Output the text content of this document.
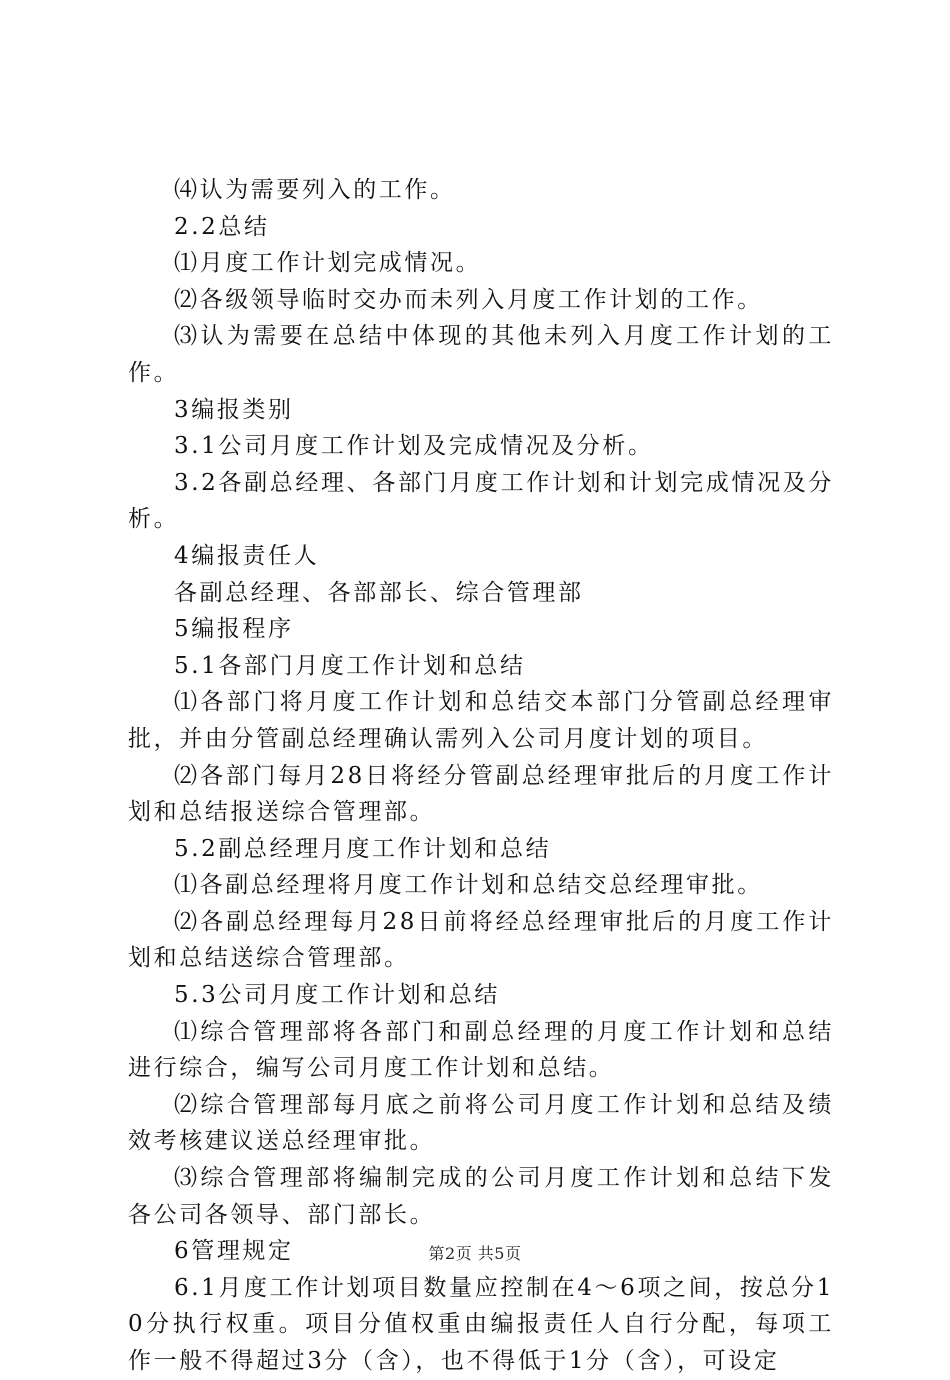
⑷认为需要列入的工作。

2.2总结

⑴月度工作计划完成情况。

⑵各级领导临时交办而未列入月度工作计划的工作。

⑶认为需要在总结中体现的其他未列入月度工作计划的工作。

3编报类别

3.1公司月度工作计划及完成情况及分析。

3.2各副总经理、各部门月度工作计划和计划完成情况及分析。

4编报责任人

各副总经理、各部部长、综合管理部

5编报程序

5.1各部门月度工作计划和总结

⑴各部门将月度工作计划和总结交本部门分管副总经理审批，并由分管副总经理确认需列入公司月度计划的项目。

⑵各部门每月28日将经分管副总经理审批后的月度工作计划和总结报送综合管理部。

5.2副总经理月度工作计划和总结

⑴各副总经理将月度工作计划和总结交总经理审批。

⑵各副总经理每月28日前将经总经理审批后的月度工作计划和总结送综合管理部。

5.3公司月度工作计划和总结

⑴综合管理部将各部门和副总经理的月度工作计划和总结进行综合，编写公司月度工作计划和总结。

⑵综合管理部每月底之前将公司月度工作计划和总结及绩效考核建议送总经理审批。

⑶综合管理部将编制完成的公司月度工作计划和总结下发各公司各领导、部门部长。

6管理规定

6.1月度工作计划项目数量应控制在4～6项之间，按总分10分执行权重。项目分值权重由编报责任人自行分配，每项工作一般不得超过3分（含），也不得低于1分（含），可设定

第2页 共5页
